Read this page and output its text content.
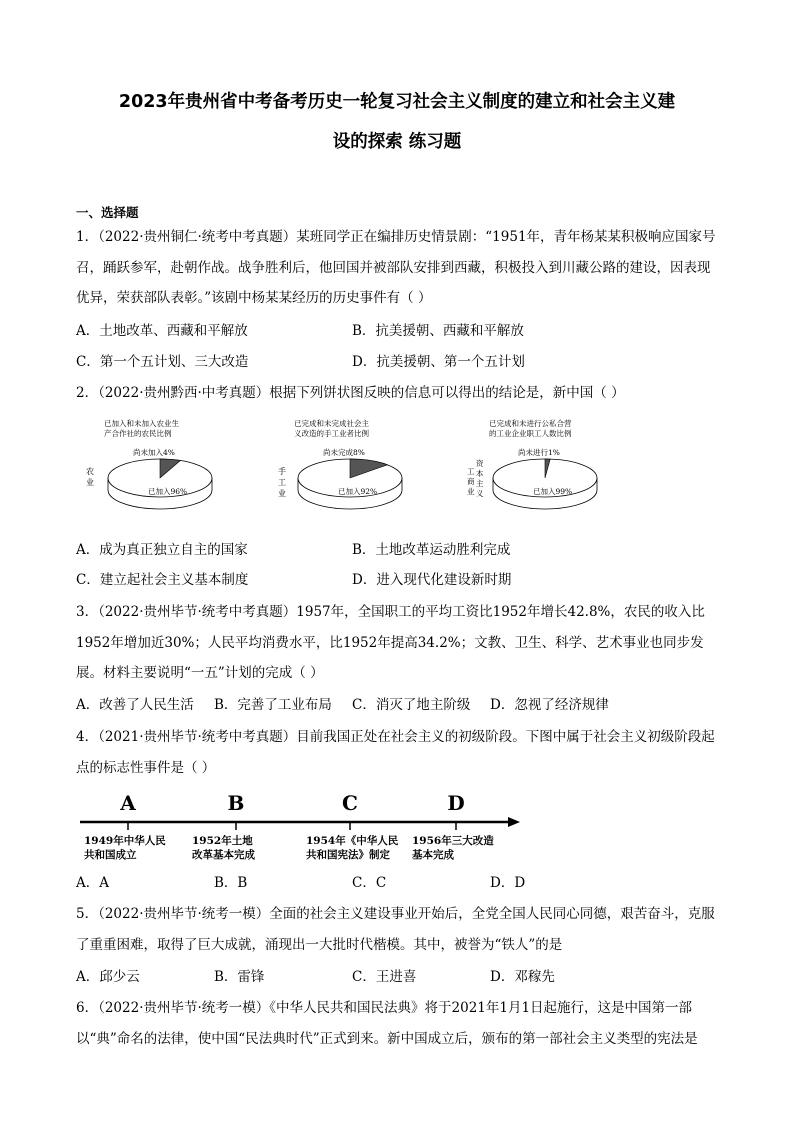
2023年贵州省中考备考历史一轮复习社会主义制度的建立和社会主义建
设的探索 练习题
一、选择题
1．（2022·贵州铜仁·统考中考真题）某班同学正在编排历史情景剧：“1951年，青年杨某某积极响应国家号召，踊跃参军，赴朝作战。战争胜利后，他回国并被部队安排到西藏，积极投入到川藏公路的建设，因表现优异，荣获部队表彰。”该剧中杨某某经历的历史事件有（ ）
A．土地改革、西藏和平解放	B．抗美援朝、西藏和平解放
C．第一个五计划、三大改造	D．抗美援朝、第一个五计划
2．（2022·贵州黔西·中考真题）根据下列饼状图反映的信息可以得出的结论是，新中国（ ）
已加入和未加入农业生
产合作社的农民比例
尚未加入4%
已加入96%
农
业
已完成和未完成社会主
义改造的手工业者比例
尚未完成8%
已加入92%
手
工
业
已完成和未进行公私合营
的工业企业职工人数比例
尚未进行1%
已加入99%
资
本
主
义
工
商
业
A．成为真正独立自主的国家	B．土地改革运动胜利完成
C．建立起社会主义基本制度	D．进入现代化建设新时期
3．（2022·贵州毕节·统考中考真题）1957年，全国职工的平均工资比1952年增长42.8%，农民的收入比1952年增加近30%；人民平均消费水平，比1952年提高34.2%；文教、卫生、科学、艺术事业也同步发展。材料主要说明“一五”计划的完成（ ）
A．改善了人民生活 B．完善了工业布局 C．消灭了地主阶级 D．忽视了经济规律
4．（2021·贵州毕节·统考中考真题）目前我国正处在社会主义的初级阶段。下图中属于社会主义初级阶段起点的标志性事件是（ ）
A
1949年中华人民
共和国成立
B
1952年土地
改革基本完成
C
1954年《中华人民
共和国宪法》制定
D
1956年三大改造
基本完成
A．A	B．B	C．C	D．D
5．（2022·贵州毕节·统考一模）全面的社会主义建设事业开始后，全党全国人民同心同德，艰苦奋斗，克服了重重困难，取得了巨大成就，涌现出一大批时代楷模。其中，被誉为“铁人”的是
A．邱少云	B．雷锋	C．王进喜	D．邓稼先
6．（2022·贵州毕节·统考一模）《中华人民共和国民法典》将于2021年1月1日起施行，这是中国第一部以“典”命名的法律，使中国“民法典时代”正式到来。新中国成立后，颁布的第一部社会主义类型的宪法是
